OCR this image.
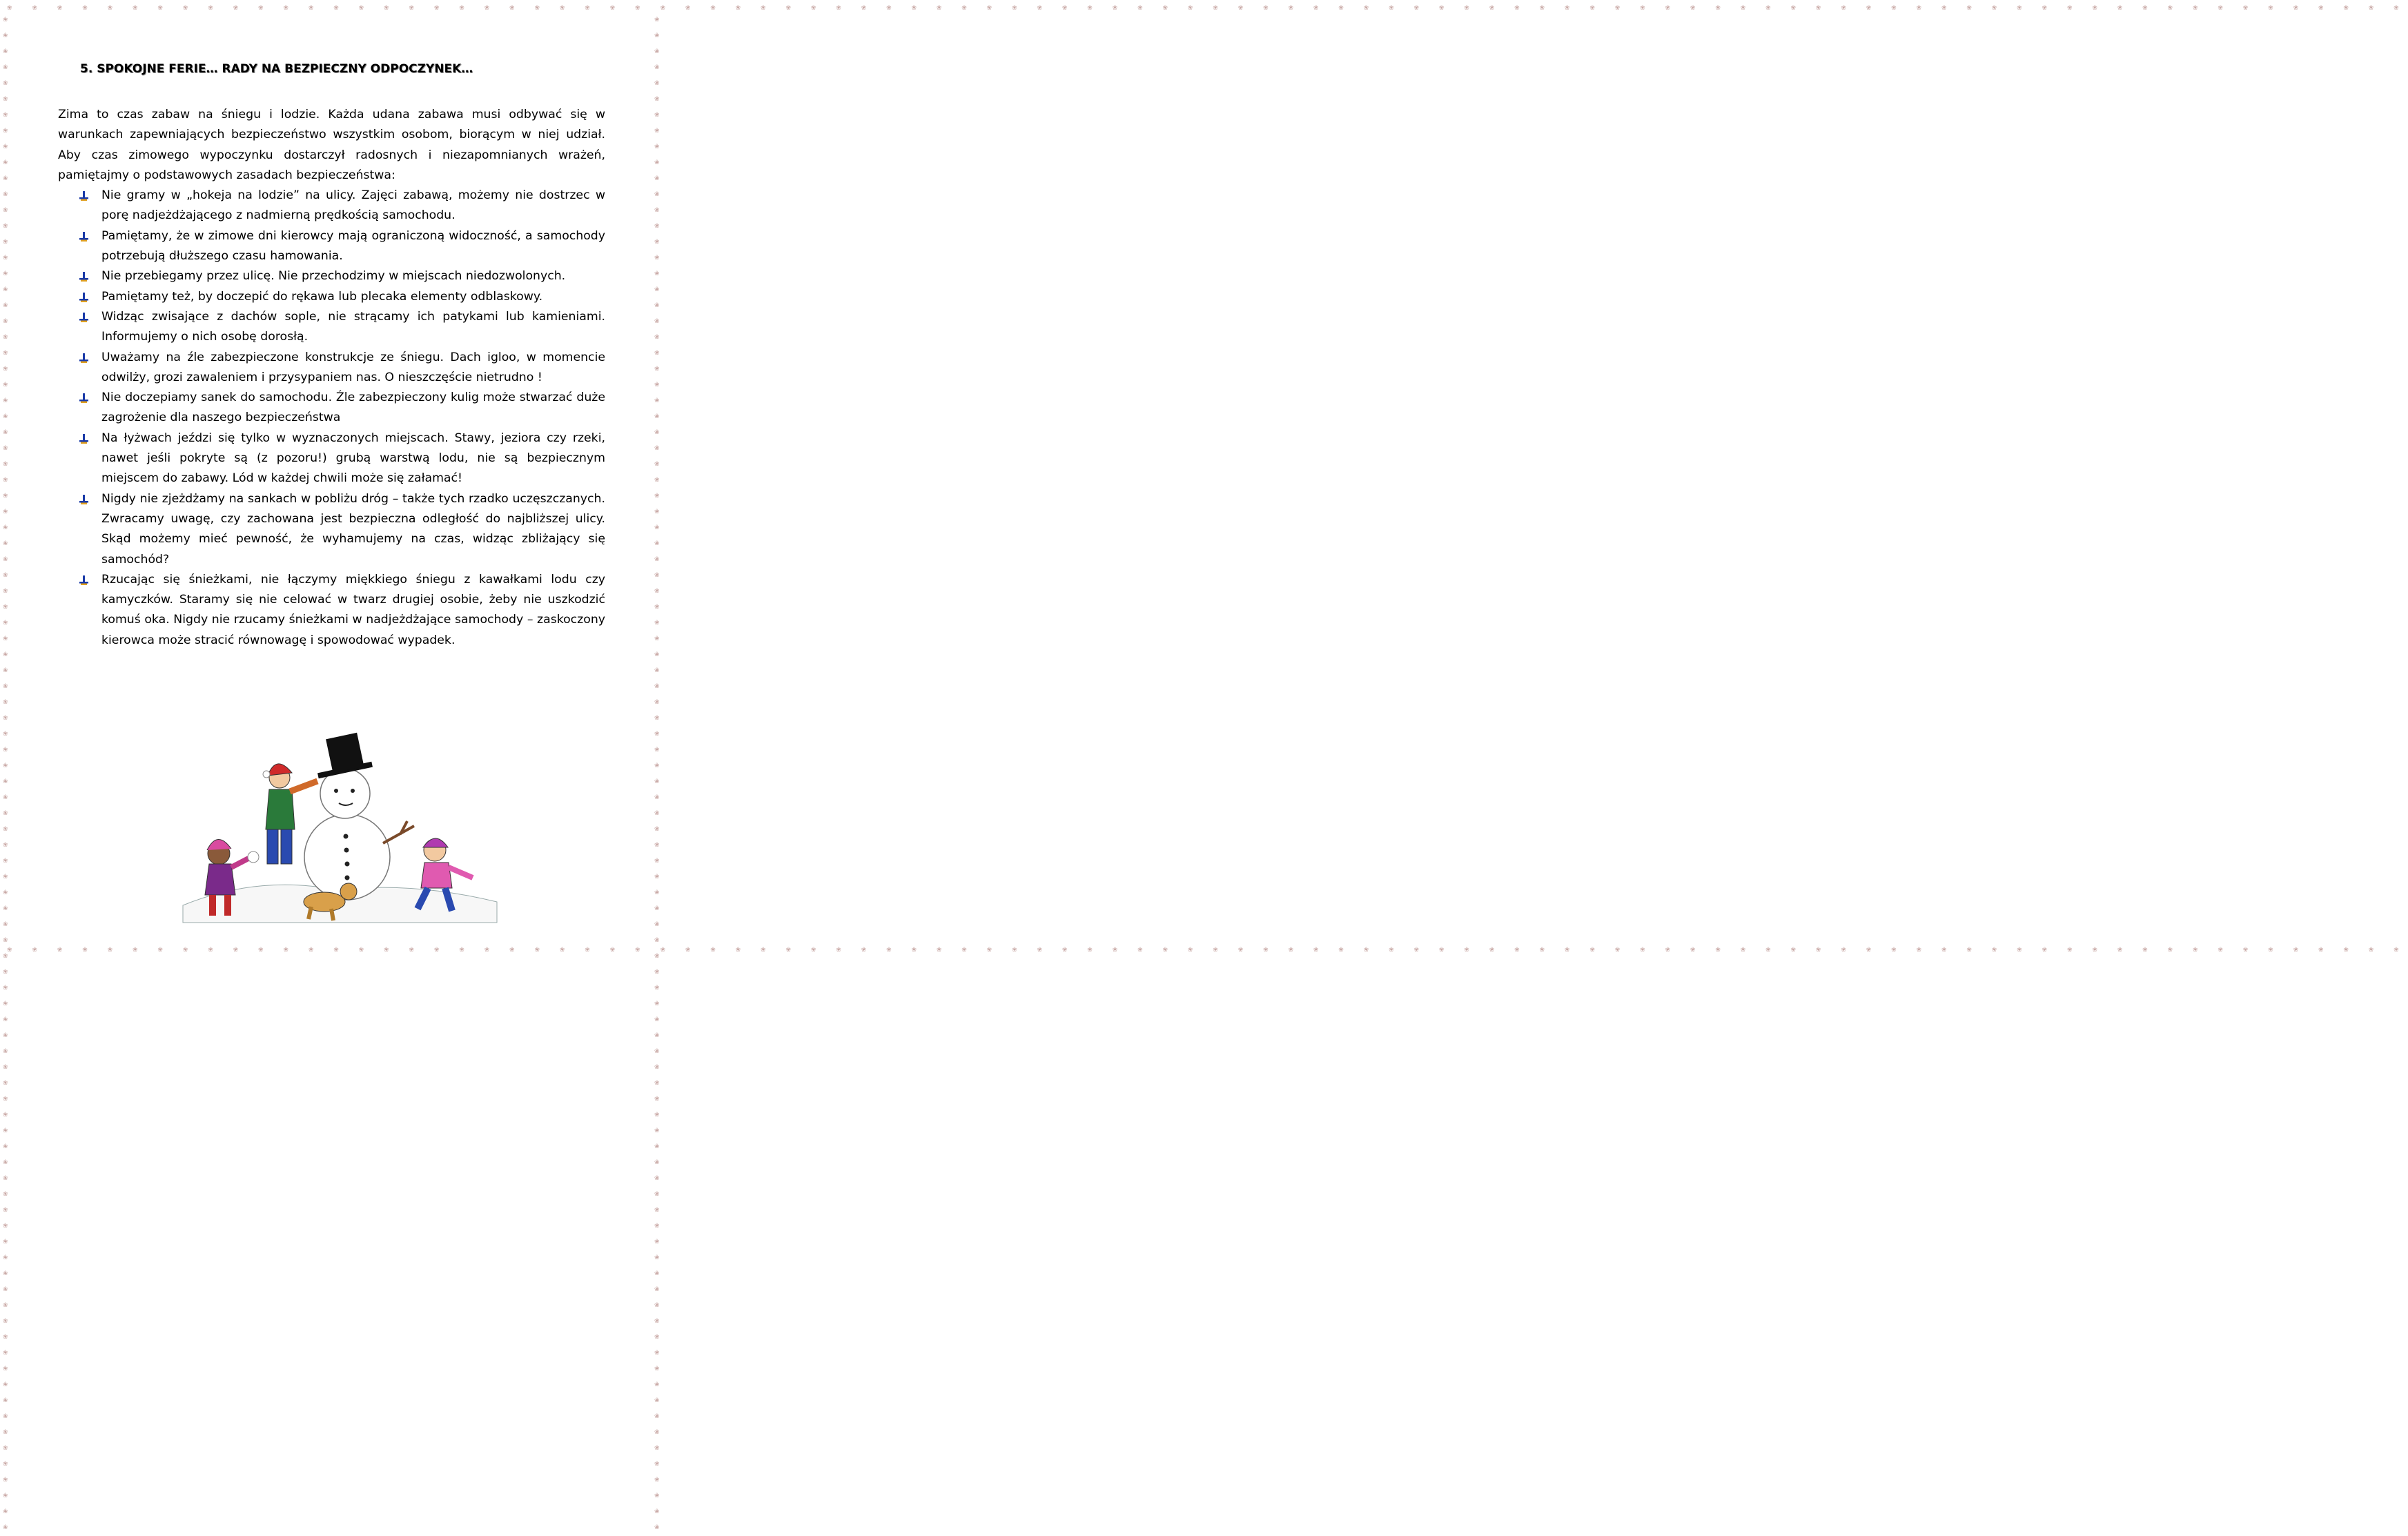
❀ ❀ ❀ ❀ ❀ ❀ ❀ ❀ ❀ ❀ ❀ ❀ ❀ ❀ ❀ ❀ ❀ ❀ ❀ ❀ ❀ ❀ ❀ ❀ ❀ ❀ ❀ ❀ ❀ ❀ ❀ ❀ ❀ ❀ ❀ ❀ ❀ ❀ ❀ ❀ ❀ ❀ ❀ ❀ ❀ ❀ ❀ ❀ ❀ ❀ ❀ ❀ ❀ ❀ ❀ ❀ ❀ ❀ ❀ ❀ ❀ ❀ ❀ ❀ ❀ ❀ ❀ ❀ ❀ ❀ ❀ ❀ ❀ ❀ ❀ ❀ ❀ ❀ ❀ ❀ ❀ ❀ ❀ ❀ ❀ ❀ ❀ ❀ ❀ ❀ ❀ ❀ ❀ ❀ ❀ ❀
❀ ❀ ❀ ❀ ❀ ❀ ❀ ❀ ❀ ❀ ❀ ❀ ❀ ❀ ❀ ❀ ❀ ❀ ❀ ❀ ❀ ❀ ❀ ❀ ❀ ❀ ❀ ❀ ❀ ❀ ❀ ❀ ❀ ❀ ❀ ❀ ❀ ❀ ❀ ❀ ❀ ❀ ❀ ❀ ❀ ❀ ❀ ❀ ❀ ❀ ❀ ❀ ❀ ❀ ❀ ❀ ❀ ❀ ❀ ❀ ❀ ❀ ❀ ❀ ❀ ❀ ❀ ❀ ❀ ❀ ❀ ❀ ❀ ❀ ❀ ❀ ❀ ❀ ❀ ❀ ❀ ❀ ❀ ❀ ❀ ❀ ❀ ❀ ❀ ❀ ❀ ❀ ❀ ❀ ❀ ❀
❀ ❀ ❀ ❀ ❀ ❀ ❀ ❀ ❀ ❀ ❀ ❀ ❀ ❀ ❀ ❀ ❀ ❀ ❀ ❀ ❀ ❀ ❀ ❀ ❀ ❀ ❀ ❀ ❀ ❀ ❀ ❀ ❀ ❀ ❀ ❀ ❀ ❀ ❀ ❀ ❀ ❀ ❀ ❀ ❀ ❀ ❀ ❀ ❀ ❀ ❀ ❀ ❀ ❀ ❀ ❀ ❀ ❀ ❀ ❀ ❀ ❀ ❀ ❀ ❀ ❀ ❀ ❀ ❀ ❀ ❀ ❀ ❀ ❀ ❀ ❀ ❀ ❀ ❀ ❀ ❀ ❀ ❀ ❀ ❀ ❀ ❀ ❀ ❀ ❀ ❀ ❀ ❀ ❀ ❀ ❀
❀ ❀ ❀ ❀ ❀ ❀ ❀ ❀ ❀ ❀ ❀ ❀ ❀ ❀ ❀ ❀ ❀ ❀ ❀ ❀ ❀ ❀ ❀ ❀ ❀ ❀ ❀ ❀ ❀ ❀ ❀ ❀ ❀ ❀ ❀ ❀ ❀ ❀ ❀ ❀ ❀ ❀ ❀ ❀ ❀ ❀ ❀ ❀ ❀ ❀ ❀ ❀ ❀ ❀ ❀ ❀ ❀ ❀ ❀ ❀ ❀ ❀ ❀ ❀ ❀ ❀ ❀ ❀ ❀ ❀ ❀ ❀ ❀ ❀ ❀ ❀ ❀ ❀ ❀ ❀ ❀ ❀ ❀ ❀ ❀ ❀ ❀ ❀ ❀ ❀ ❀ ❀ ❀ ❀ ❀ ❀
5. SPOKOJNE FERIE… RADY NA BEZPIECZNY ODPOCZYNEK…

Zima to czas zabaw na śniegu i lodzie. Każda udana zabawa musi odbywać się w warunkach zapewniających bezpieczeństwo wszystkim osobom, biorącym w niej udział. Aby czas zimowego wypoczynku dostarczył radosnych i niezapomnianych wrażeń, pamiętajmy o podstawowych zasadach bezpieczeństwa:

Nie gramy w „hokeja na lodzie” na ulicy. Zajęci zabawą, możemy nie dostrzec w porę nadjeżdżającego z nadmierną prędkością samochodu.
Pamiętamy, że w zimowe dni kierowcy mają ograniczoną widoczność, a samochody potrzebują dłuższego czasu hamowania.
Nie przebiegamy przez ulicę. Nie przechodzimy w miejscach niedozwolonych.
Pamiętamy też, by doczepić do rękawa lub plecaka elementy odblaskowy.
Widząc zwisające z dachów sople, nie strącamy ich patykami lub kamieniami. Informujemy o nich osobę dorosłą.
Uważamy na źle zabezpieczone konstrukcje ze śniegu. Dach igloo, w momencie odwilży, grozi zawaleniem i przysypaniem nas. O nieszczęście nietrudno !
Nie doczepiamy sanek do samochodu. Źle zabezpieczony kulig może stwarzać duże zagrożenie dla naszego bezpieczeństwa
Na łyżwach jeździ się tylko w wyznaczonych miejscach. Stawy, jeziora czy rzeki, nawet jeśli pokryte są (z pozoru!) grubą warstwą lodu, nie są bezpiecznym miejscem do zabawy. Lód w każdej chwili może się załamać!
Nigdy nie zjeżdżamy na sankach w pobliżu dróg – także tych rzadko uczęszczanych. Zwracamy uwagę, czy zachowana jest bezpieczna odległość do najbliższej ulicy. Skąd możemy mieć pewność, że wyhamujemy na czas, widząc zbliżający się samochód?
Rzucając się śnieżkami, nie łączymy miękkiego śniegu z kawałkami lodu czy kamyczków. Staramy się nie celować w twarz drugiej osobie, żeby nie uszkodzić komuś oka. Nigdy nie rzucamy śnieżkami w nadjeżdżające samochody – zaskoczony kierowca może stracić równowagę i spowodować wypadek.
